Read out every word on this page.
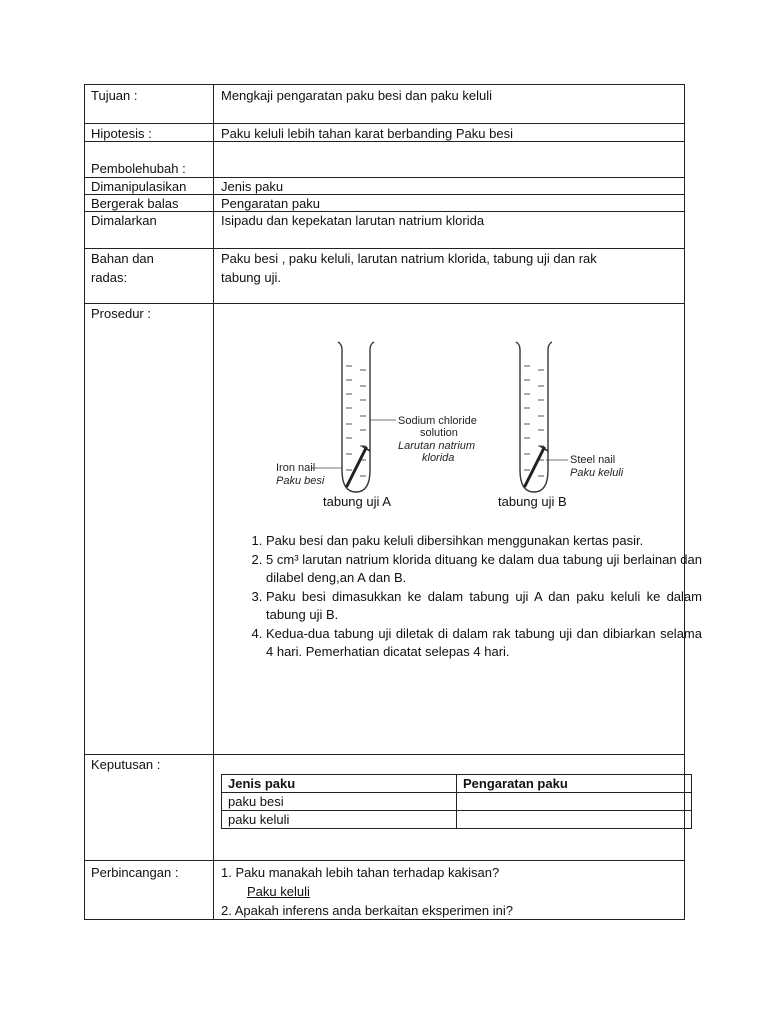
Tujuan :	Mengkaji pengaratan paku besi dan paku keluli
Hipotesis :	Paku keluli lebih tahan karat berbanding Paku besi
Pembolehubah :
Dimanipulasikan	Jenis paku
Bergerak balas	Pengaratan paku
Dimalarkan	Isipadu dan kepekatan larutan natrium klorida
Bahan dan
radas:
Paku besi , paku keluli, larutan natrium klorida, tabung uji dan rak
tabung uji.
Prosedur :
Sodium chloride
solution
Larutan natrium
klorida
Iron nail
Paku besi
Steel nail
Paku keluli
tabung uji A	tabung uji B
1. Paku besi dan paku keluli dibersihkan menggunakan kertas pasir.
2. 5 cm³ larutan natrium klorida dituang ke dalam dua tabung uji berlainan dan dilabel deng,an A dan B.
3. Paku besi dimasukkan ke dalam tabung uji A dan paku keluli ke dalam tabung uji B.
4. Kedua-dua tabung uji diletak di dalam rak tabung uji dan dibiarkan selama 4 hari. Pemerhatian dicatat selepas 4 hari.
Keputusan :
Jenis paku	Pengaratan paku
paku besi	
paku keluli	
Perbincangan :	1. Paku manakah lebih tahan terhadap kakisan?
Paku keluli
2. Apakah inferens anda berkaitan eksperimen ini?
